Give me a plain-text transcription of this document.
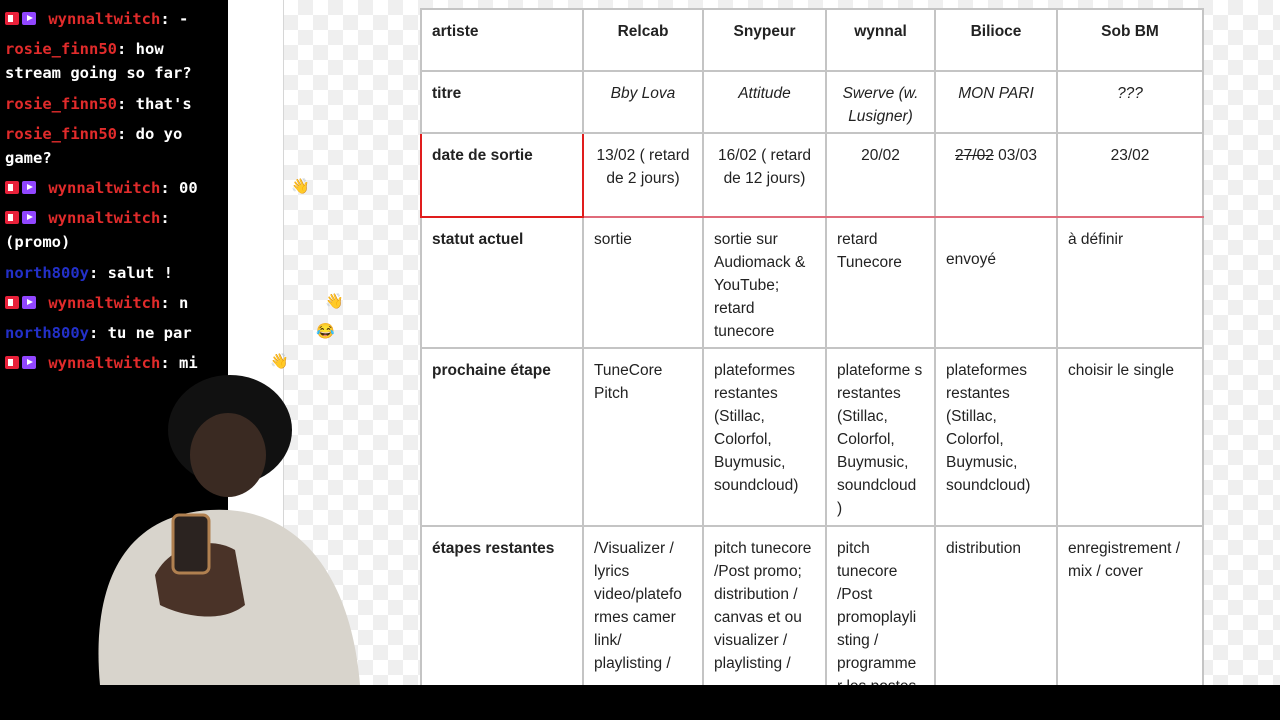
artiste	Relcab	Snypeur	wynnal	Bilioce	Sob BM
titre	Bby Lova	Attitude	Swerve (w. Lusigner)	MON PARI	???
date de sortie	13/02 ( retard de 2 jours)	16/02 ( retard de 12 jours)	20/02	27/02 03/03	23/02
statut actuel	sortie	sortie sur Audiomack & YouTube; retard tunecore	retard Tunecore	envoyé	à définir
prochaine étape	TuneCore Pitch	plateformes restantes (Stillac, Colorfol, Buymusic, soundcloud)	plateforme s restantes (Stillac, Colorfol, Buymusic, soundcloud )	plateformes restantes (Stillac, Colorfol, Buymusic, soundcloud)	choisir le single
étapes restantes	/Visualizer / lyrics video/platefo rmes camer link/ playlisting /	pitch tunecore /Post promo; distribution / canvas et ou visualizer / playlisting /	pitch tunecore /Post promoplayli sting / programme	distribution	enregistrement / mix / cover
wynnaltwitch: -
rosie_finn50: how
stream going so far?
rosie_finn50: that's
rosie_finn50: do yo
game?
wynnaltwitch: 00
wynnaltwitch:
(promo)
north800y: salut !
wynnaltwitch: n
north800y: tu ne par
wynnaltwitch: mi
👋
👋
😂
👋
